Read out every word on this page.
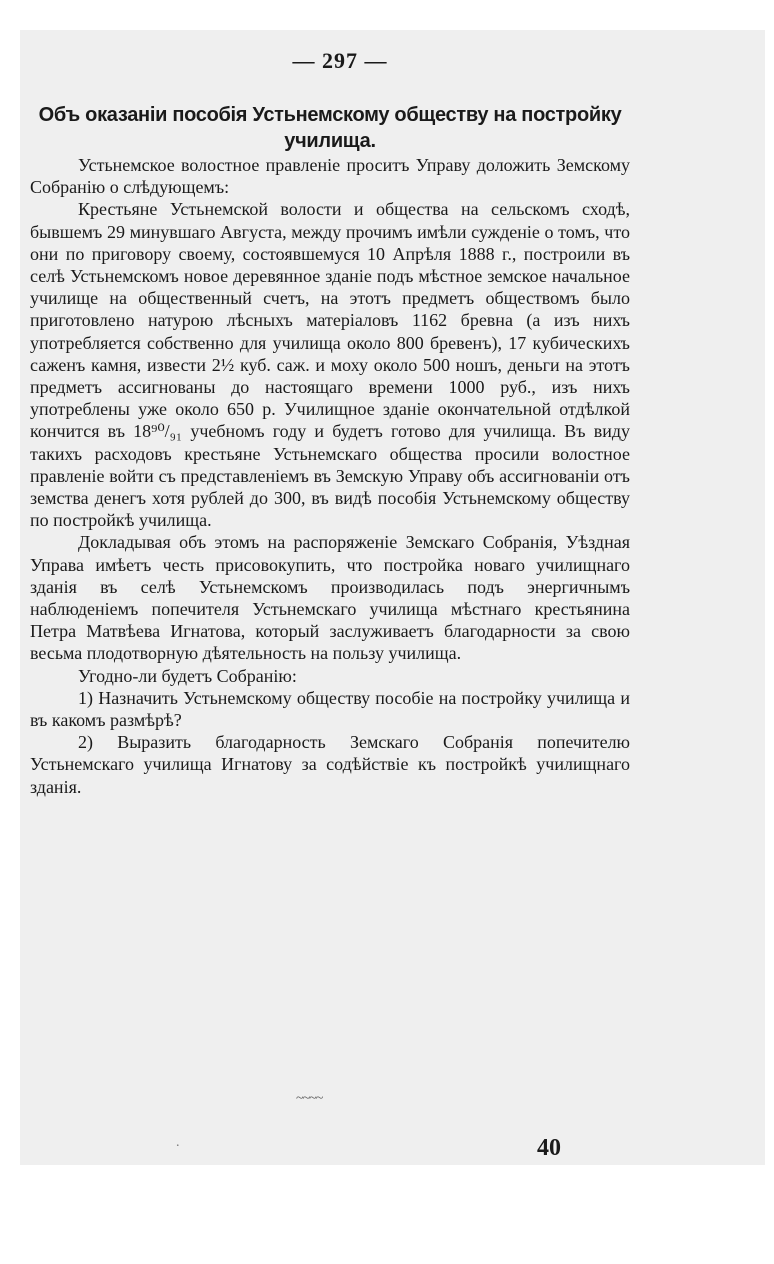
— 297 —
Объ оказаніи пособія Устьнемскому обществу на постройку училища.

Устьнемское волостное правленіе проситъ Управу доложить Земскому Собранію о слѣдующемъ:

Крестьяне Устьнемской волости и общества на сельскомъ сходѣ, бывшемъ 29 минувшаго Августа, между прочимъ имѣли сужденіе о томъ, что они по приговору своему, состоявшемуся 10 Апрѣля 1888 г., построили въ селѣ Устьнемскомъ новое деревянное зданіе подъ мѣстное земское начальное училище на общественный счетъ, на этотъ предметъ обществомъ было приготовлено натурою лѣсныхъ матеріаловъ 1162 бревна (а изъ нихъ употребляется собственно для училища около 800 бревенъ), 17 кубическихъ саженъ камня, извести 2½ куб. саж. и моху около 500 ношъ, деньги на этотъ предметъ ассигнованы до настоящаго времени 1000 руб., изъ нихъ употреблены уже около 650 р. Училищное зданіе окончательной отдѣлкой кончится въ 18⁹⁰/₉₁ учебномъ году и будетъ готово для училища. Въ виду такихъ расходовъ крестьяне Устьнемскаго общества просили волостное правленіе войти съ представленіемъ въ Земскую Управу объ ассигнованіи отъ земства денегъ хотя рублей до 300, въ видѣ пособія Устьнемскому обществу по постройкѣ училища.

Докладывая объ этомъ на распоряженіе Земскаго Собранія, Уѣздная Управа имѣетъ честь присовокупить, что постройка новаго училищнаго зданія въ селѣ Устьнемскомъ производилась подъ энергичнымъ наблюденіемъ попечителя Устьнемскаго училища мѣстнаго крестьянина Петра Матвѣева Игнатова, который заслуживаетъ благодарности за свою весьма плодотворную дѣятельность на пользу училища.

Угодно-ли будетъ Собранію:

1) Назначить Устьнемскому обществу пособіе на постройку училища и въ какомъ размѣрѣ?

2) Выразить благодарность Земскаго Собранія попечителю Устьнемскаго училища Игнатову за содѣйствіе къ постройкѣ училищнаго зданія.

~~~~
.	40
